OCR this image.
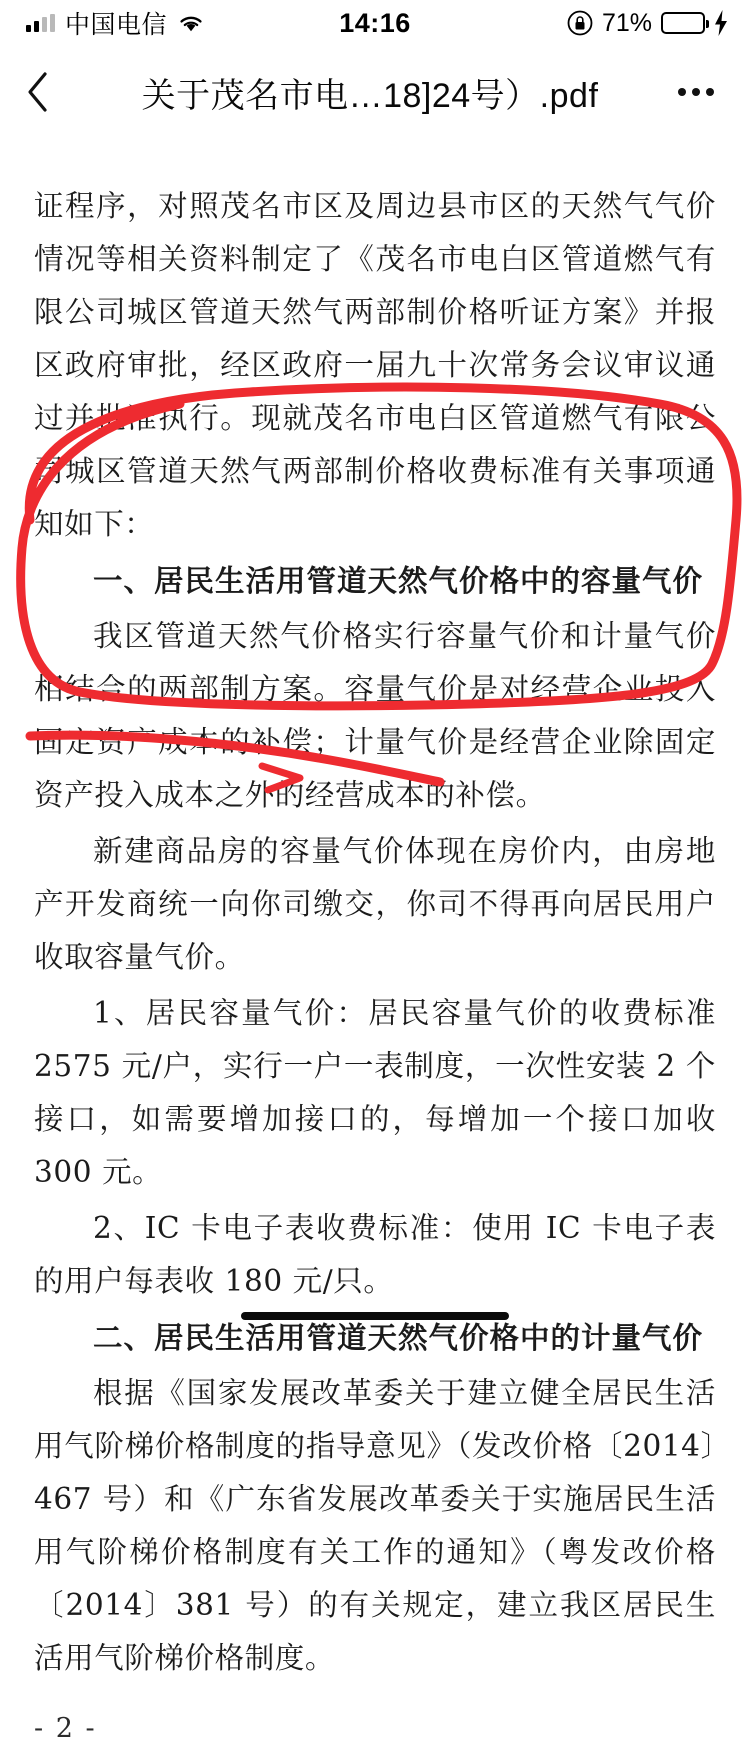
中国电信	14:16	71%
关于茂名市电…18]24号）.pdf

证程序，对照茂名市区及周边县市区的天然气气价情况等相关资料制定了《茂名市电白区管道燃气有限公司城区管道天然气两部制价格听证方案》并报区政府审批，经区政府一届九十次常务会议审议通过并批准执行。现就茂名市电白区管道燃气有限公司城区管道天然气两部制价格收费标准有关事项通知如下：

一、居民生活用管道天然气价格中的容量气价

我区管道天然气价格实行容量气价和计量气价相结合的两部制方案。容量气价是对经营企业投入固定资产成本的补偿；计量气价是经营企业除固定资产投入成本之外的经营成本的补偿。

新建商品房的容量气价体现在房价内，由房地产开发商统一向你司缴交，你司不得再向居民用户收取容量气价。

1、居民容量气价：居民容量气价的收费标准 2575 元/户，实行一户一表制度，一次性安装 2 个接口，如需要增加接口的，每增加一个接口加收 300 元。

2、IC 卡电子表收费标准：使用 IC 卡电子表的用户每表收 180 元/只。

二、居民生活用管道天然气价格中的计量气价

根据《国家发展改革委关于建立健全居民生活用气阶梯价格制度的指导意见》（发改价格〔2014〕467 号）和《广东省发展改革委关于实施居民生活用气阶梯价格制度有关工作的通知》（粤发改价格〔2014〕381 号）的有关规定，建立我区居民生活用气阶梯价格制度。

- 2 -
